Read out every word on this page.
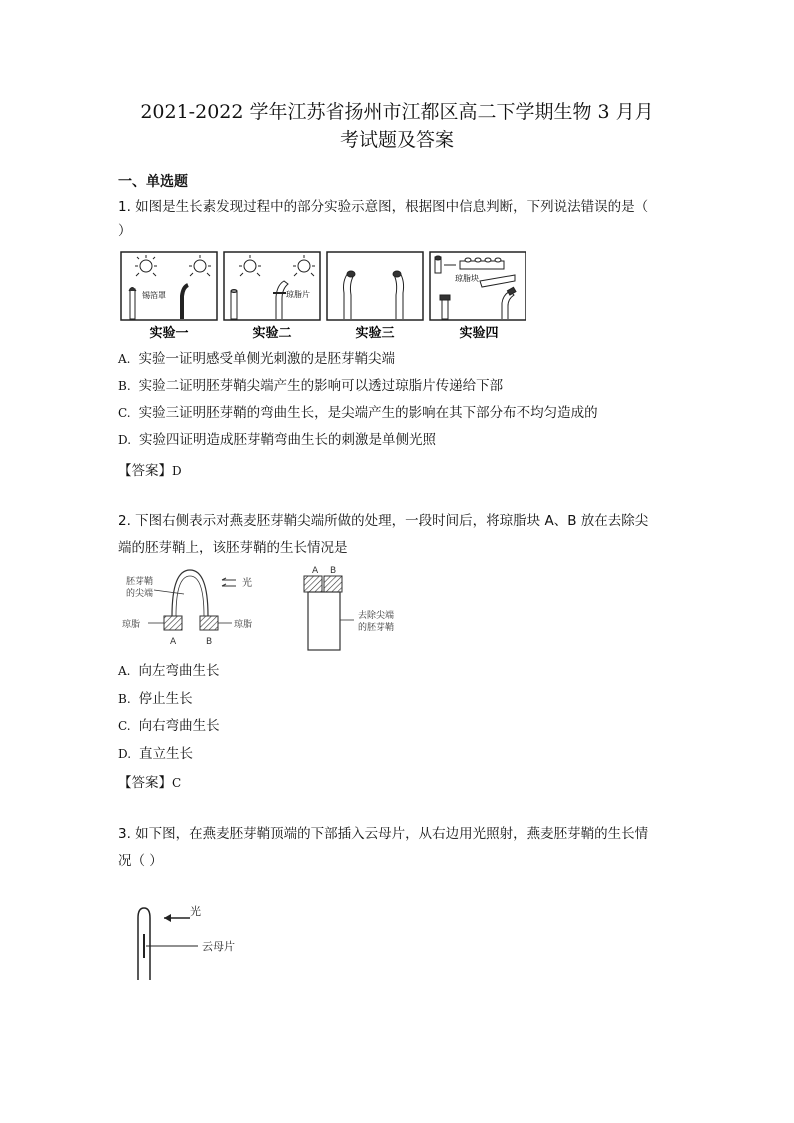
2021-2022 学年江苏省扬州市江都区高二下学期生物 3 月月
考试题及答案
一、单选题
1. 如图是生长素发现过程中的部分实验示意图，根据图中信息判断，下列说法错误的是（
）
锡箔罩
实验一
琼脂片
实验二	实验三
琼脂块
实验四
A. 实验一证明感受单侧光刺激的是胚芽鞘尖端
B. 实验二证明胚芽鞘尖端产生的影响可以透过琼脂片传递给下部
C. 实验三证明胚芽鞘的弯曲生长，是尖端产生的影响在其下部分布不均匀造成的
D. 实验四证明造成胚芽鞘弯曲生长的刺激是单侧光照
【答案】D
2. 下图右侧表示对燕麦胚芽鞘尖端所做的处理，一段时间后，将琼脂块 A、B 放在去除尖
端的胚芽鞘上，该胚芽鞘的生长情况是
胚芽鞘
的尖端
光
琼脂	琼脂
A	B
A B
去除尖端
的胚芽鞘
A. 向左弯曲生长
B. 停止生长
C. 向右弯曲生长
D. 直立生长
【答案】C
3. 如下图，在燕麦胚芽鞘顶端的下部插入云母片，从右边用光照射，燕麦胚芽鞘的生长情
况（ ）
光
云母片
